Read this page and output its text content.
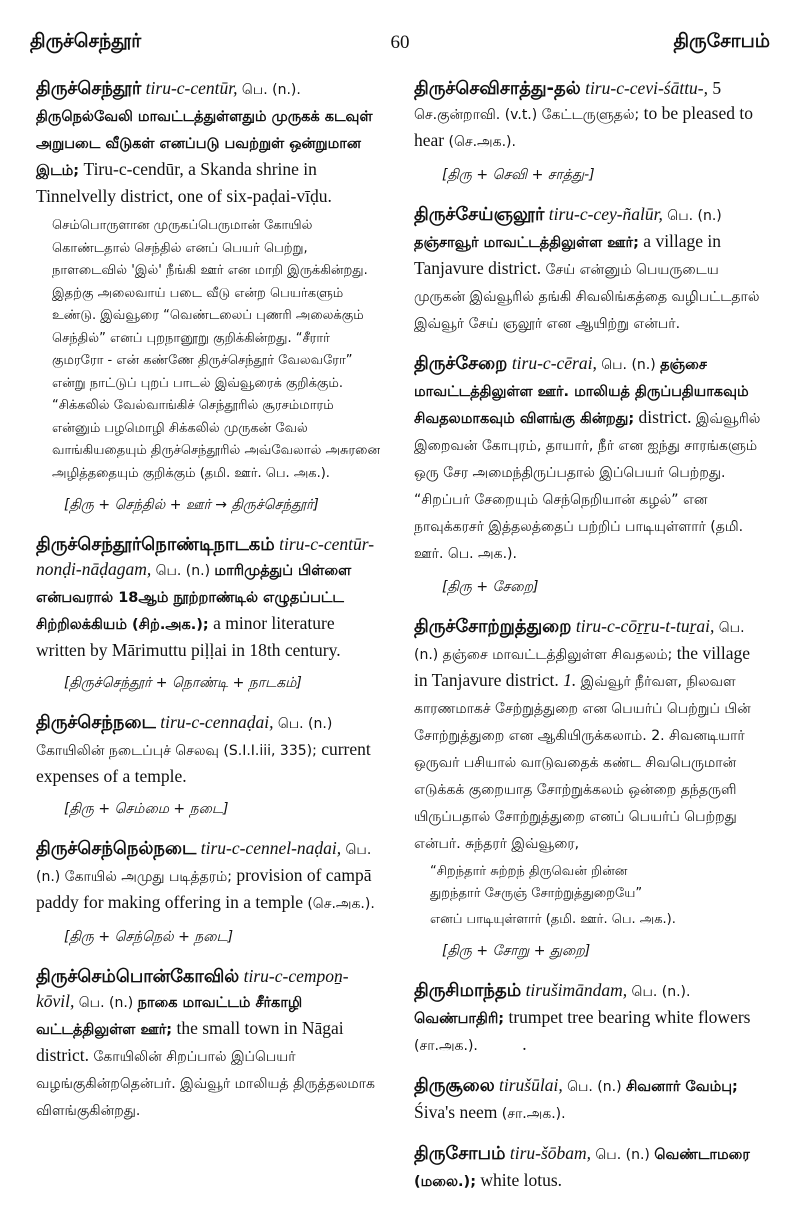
திருச்செந்தூர்	60	திருசோபம்
திருச்செந்தூர் tiru-c-centūr, பெ. (n.). திருநெல்வேலி மாவட்டத்துள்ளதும் முருகக் கடவுள் அறுபடை வீடுகள் எனப்படு பவற்றுள் ஒன்றுமான இடம்; Tiru-c-cendūr, a Skanda shrine in Tinnelvelly district, one of six-paḍai-vīḍu.
செம்பொருளான முருகப்பெருமான் கோயில் கொண்டதால் செந்தில் எனப் பெயர் பெற்று, நாளடைவில் 'இல்' நீங்கி ஊர் என மாறி இருக்கின்றது. இதற்கு அலைவாய் படை வீடு என்ற பெயர்களும் உண்டு. இவ்வூரை “வெண்டலைப் புணரி அலைக்கும் செந்தில்” எனப் புறநானூறு குறிக்கின்றது. “சீரார் குமரரோ - என் கண்ணே திருச்செந்தூர் வேலவரோ” என்று நாட்டுப் புறப் பாடல் இவ்வூரைக் குறிக்கும். “சிக்கலில் வேல்வாங்கிச் செந்தூரில் சூரசம்மாரம் என்னும் பழமொழி சிக்கலில் முருகன் வேல் வாங்கியதையும் திருச்செந்தூரில் அவ்வேலால் அசுரனை அழித்ததையும் குறிக்கும் (தமி. ஊர். பெ. அக.).
[திரு + செந்தில் + ஊர் → திருச்செந்தூர்]
திருச்செந்தூர்நொண்டிநாடகம் tiru-c-centūr-nonḍi-nāḍagam, பெ. (n.) மாரிமுத்துப் பிள்ளை என்பவரால் 18ஆம் நூற்றாண்டில் எழுதப்பட்ட சிற்றிலக்கியம் (சிற்.அக.); a minor literature written by Mārimuttu piḷḷai in 18th century.
[திருச்செந்தூர் + நொண்டி + நாடகம்]
திருச்செந்நடை tiru-c-cennaḍai, பெ. (n.) கோயிலின் நடைப்புச் செலவு (S.I.I.iii, 335); current expenses of a temple.
[திரு + செம்மை + நடை]
திருச்செந்நெல்நடை tiru-c-cennel-naḍai, பெ. (n.) கோயில் அமுது படித்தரம்; provision of campā paddy for making offering in a temple (செ.அக.).
[திரு + செந்நெல் + நடை]
திருச்செம்பொன்கோவில் tiru-c-cempoṉ-kōvil, பெ. (n.) நாகை மாவட்டம் சீர்காழி வட்டத்திலுள்ள ஊர்; the small town in Nāgai district. கோயிலின் சிறப்பால் இப்பெயர் வழங்குகின்றதென்பர். இவ்வூர் மாலியத் திருத்தலமாக விளங்குகின்றது.
திருச்செவிசாத்து-தல் tiru-c-cevi-śāttu-, 5 செ.குன்றாவி. (v.t.) கேட்டருளுதல்; to be pleased to hear (செ.அக.).
[திரு + செவி + சாத்து-]
திருச்சேய்ஞலூர் tiru-c-cey-ñalūr, பெ. (n.) தஞ்சாவூர் மாவட்டத்திலுள்ள ஊர்; a village in Tanjavure district. சேய் என்னும் பெயருடைய முருகன் இவ்வூரில் தங்கி சிவலிங்கத்தை வழிபட்டதால் இவ்வூர் சேய் ஞலூர் என ஆயிற்று என்பர்.
திருச்சேறை tiru-c-cērai, பெ. (n.) தஞ்சை மாவட்டத்திலுள்ள ஊர். மாலியத் திருப்பதியாகவும் சிவதலமாகவும் விளங்கு கின்றது; district. இவ்வூரில் இறைவன் கோபுரம், தாயார், நீர் என ஐந்து சாரங்களும் ஒரு சேர அமைந்திருப்பதால் இப்பெயர் பெற்றது. “சிறப்பர் சேறையும் செந்நெறியான் கழல்” என நாவுக்கரசர் இத்தலத்தைப் பற்றிப் பாடியுள்ளார் (தமி. ஊர். பெ. அக.).
[திரு + சேறை]
திருச்சோற்றுத்துறை tiru-c-cōṟṟu-t-tuṟai, பெ. (n.) தஞ்சை மாவட்டத்திலுள்ள சிவதலம்; the village in Tanjavure district. 1. இவ்வூர் நீர்வள, நிலவள காரணமாகச் சேற்றுத்துறை என பெயர்ப் பெற்றுப் பின் சோற்றுத்துறை என ஆகியிருக்கலாம். 2. சிவனடியார் ஒருவர் பசியால் வாடுவதைக் கண்ட சிவபெருமான் எடுக்கக் குறையாத சோற்றுக்கலம் ஒன்றை தந்தருளி யிருப்பதால் சோற்றுத்துறை எனப் பெயர்ப் பெற்றது என்பர். சுந்தரர் இவ்வூரை,
“சிறந்தார் சுற்றந் திருவென் றின்ன
துறந்தார் சேருஞ் சோற்றுத்துறையே”
எனப் பாடியுள்ளார் (தமி. ஊர். பெ. அக.).
[திரு + சோறு + துறை]
திருசிமாந்தம் tirušimāndam, பெ. (n.). வெண்பாதிரி; trumpet tree bearing white flowers (சா.அக.).	.
திருசூலை tirušūlai, பெ. (n.) சிவனார் வேம்பு; Śiva's neem (சா.அக.).
திருசோபம் tiru-šōbam, பெ. (n.) வெண்டாமரை (மலை.); white lotus.
